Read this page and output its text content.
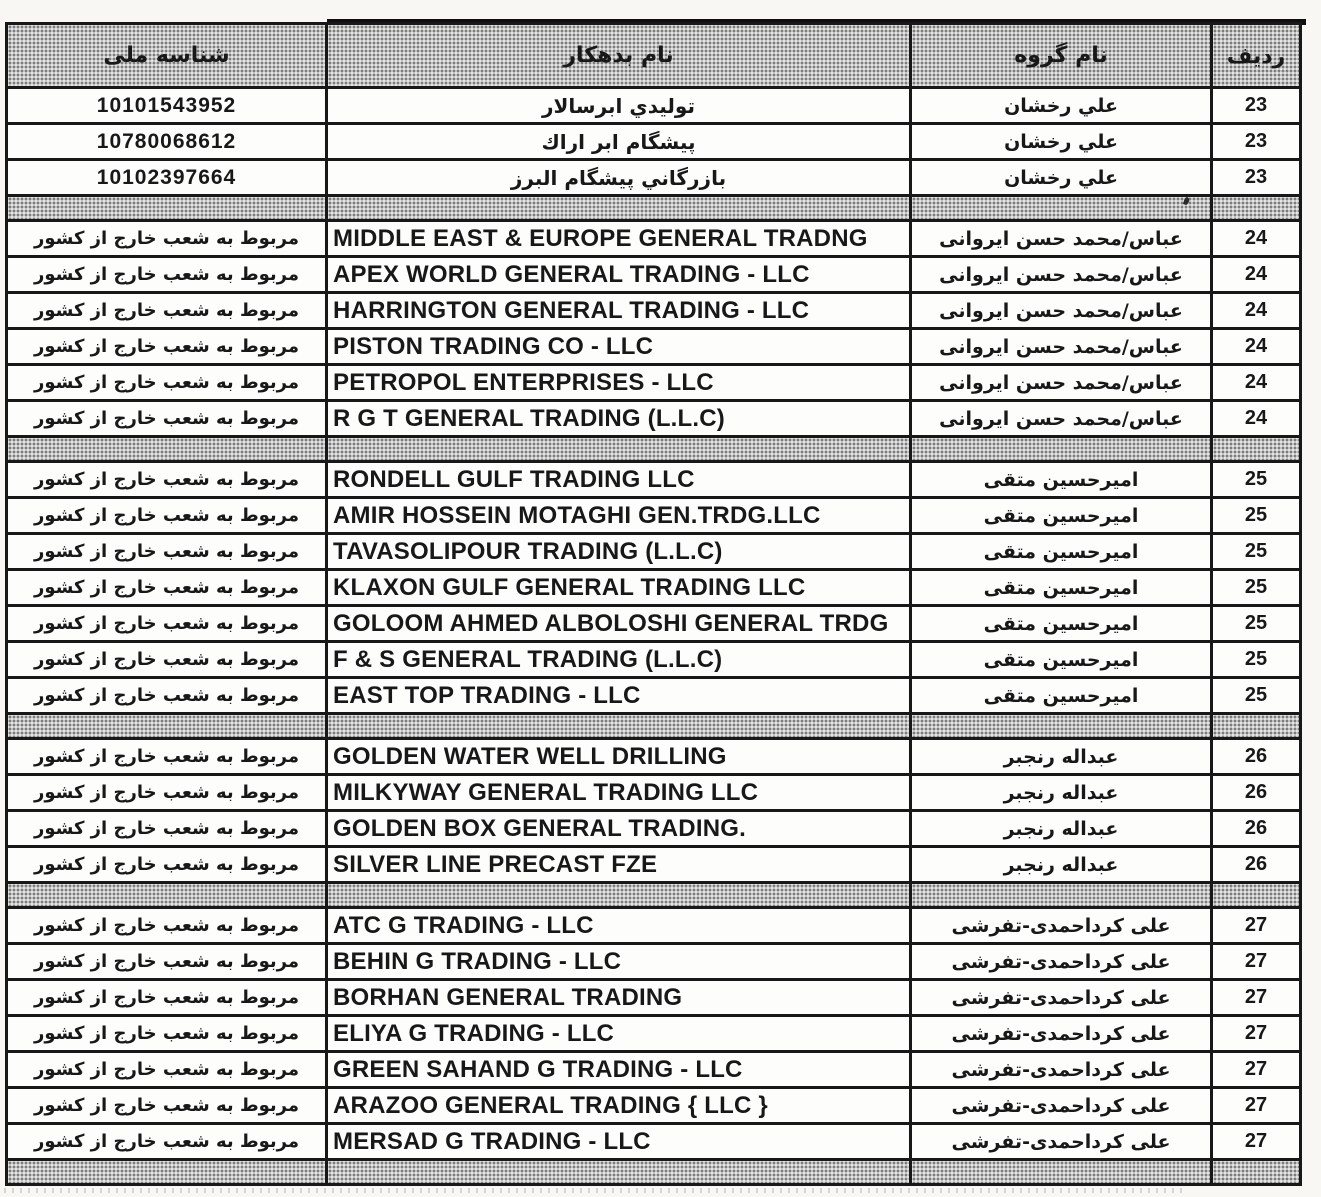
ردیف
نام گروه
نام بدهکار
شناسه ملی
23
علي رخشان
توليدي ابرسالار
10101543952
23
علي رخشان
پيشگام ابر اراك
10780068612
23
علي رخشان
بازرگاني پيشگام البرز
10102397664
24
عباس/محمد حسن ایروانی
MIDDLE EAST & EUROPE GENERAL TRADNG
مربوط به شعب خارج از کشور
24
عباس/محمد حسن ایروانی
APEX WORLD GENERAL TRADING - LLC
مربوط به شعب خارج از کشور
24
عباس/محمد حسن ایروانی
HARRINGTON GENERAL TRADING - LLC
مربوط به شعب خارج از کشور
24
عباس/محمد حسن ایروانی
PISTON TRADING CO - LLC
مربوط به شعب خارج از کشور
24
عباس/محمد حسن ایروانی
PETROPOL ENTERPRISES - LLC
مربوط به شعب خارج از کشور
24
عباس/محمد حسن ایروانی
R G T GENERAL TRADING (L.L.C)
مربوط به شعب خارج از کشور
25
امیرحسین متقی
RONDELL GULF TRADING LLC
مربوط به شعب خارج از کشور
25
امیرحسین متقی
AMIR HOSSEIN MOTAGHI GEN.TRDG.LLC
مربوط به شعب خارج از کشور
25
امیرحسین متقی
TAVASOLIPOUR TRADING (L.L.C)
مربوط به شعب خارج از کشور
25
امیرحسین متقی
KLAXON GULF GENERAL TRADING LLC
مربوط به شعب خارج از کشور
25
امیرحسین متقی
GOLOOM AHMED ALBOLOSHI GENERAL TRDG
مربوط به شعب خارج از کشور
25
امیرحسین متقی
F & S GENERAL TRADING (L.L.C)
مربوط به شعب خارج از کشور
25
امیرحسین متقی
EAST TOP TRADING - LLC
مربوط به شعب خارج از کشور
26
عبداله رنجبر
GOLDEN WATER WELL DRILLING
مربوط به شعب خارج از کشور
26
عبداله رنجبر
MILKYWAY GENERAL TRADING LLC
مربوط به شعب خارج از کشور
26
عبداله رنجبر
GOLDEN BOX GENERAL TRADING.
مربوط به شعب خارج از کشور
26
عبداله رنجبر
SILVER LINE PRECAST FZE
مربوط به شعب خارج از کشور
27
علی کرداحمدی-تفرشی
ATC G TRADING - LLC
مربوط به شعب خارج از کشور
27
علی کرداحمدی-تفرشی
BEHIN G TRADING - LLC
مربوط به شعب خارج از کشور
27
علی کرداحمدی-تفرشی
BORHAN GENERAL TRADING
مربوط به شعب خارج از کشور
27
علی کرداحمدی-تفرشی
ELIYA G TRADING - LLC
مربوط به شعب خارج از کشور
27
علی کرداحمدی-تفرشی
GREEN SAHAND G TRADING - LLC
مربوط به شعب خارج از کشور
27
علی کرداحمدی-تفرشی
ARAZOO GENERAL TRADING { LLC }
مربوط به شعب خارج از کشور
27
علی کرداحمدی-تفرشی
MERSAD G TRADING - LLC
مربوط به شعب خارج از کشور
